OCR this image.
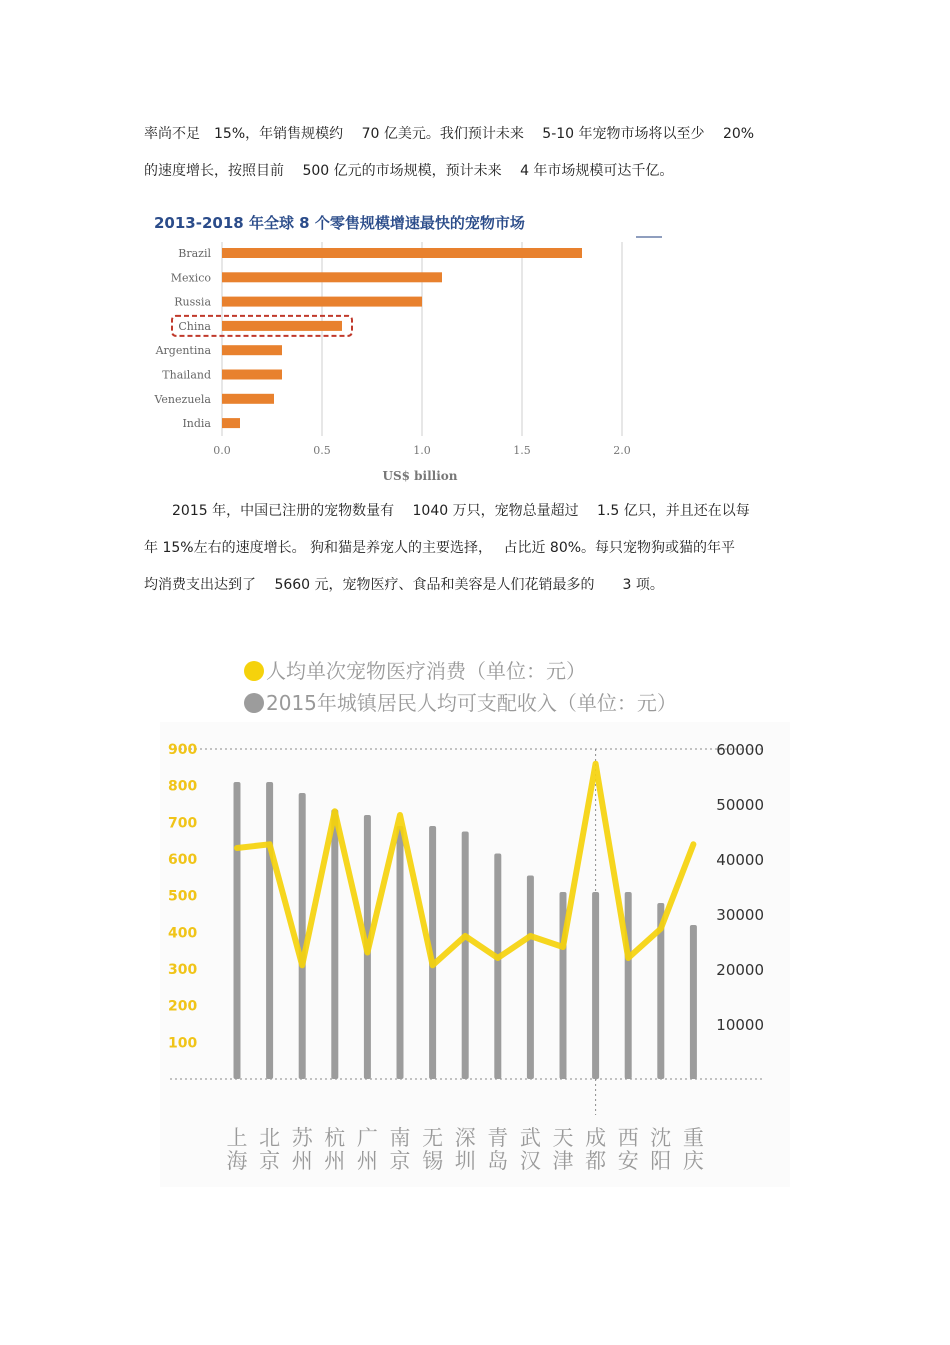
率尚不足　15%，年销售规模约　 70 亿美元。我们预计未来　 5-10 年宠物市场将以至少　 20%
的速度增长，按照目前　 500 亿元的市场规模，预计未来　 4 年市场规模可达千亿。
2013-2018 年全球 8 个零售规模增速最快的宠物市场
0.0	0.5	1.0	1.5	2.0
Brazil
Mexico
Russia
China
Argentina
Thailand
Venezuela
India
US$ billion
　　2015 年，中国已注册的宠物数量有　 1040 万只，宠物总量超过　 1.5 亿只，并且还在以每
年 15%左右的速度增长。 狗和猫是养宠人的主要选择，　 占比近 80%。每只宠物狗或猫的年平
均消费支出达到了　 5660 元，宠物医疗、食品和美容是人们花销最多的　　3 项。
人均单次宠物医疗消费（单位：元）
2015年城镇居民人均可支配收入（单位：元）
100
200
300
400
500
600
700
800
900
10000
20000
30000
40000
50000
60000
上
海
北
京
苏
州
杭
州
广
州
南
京
无
锡
深
圳
青
岛
武
汉
天
津
成
都
西
安
沈
阳
重
庆
